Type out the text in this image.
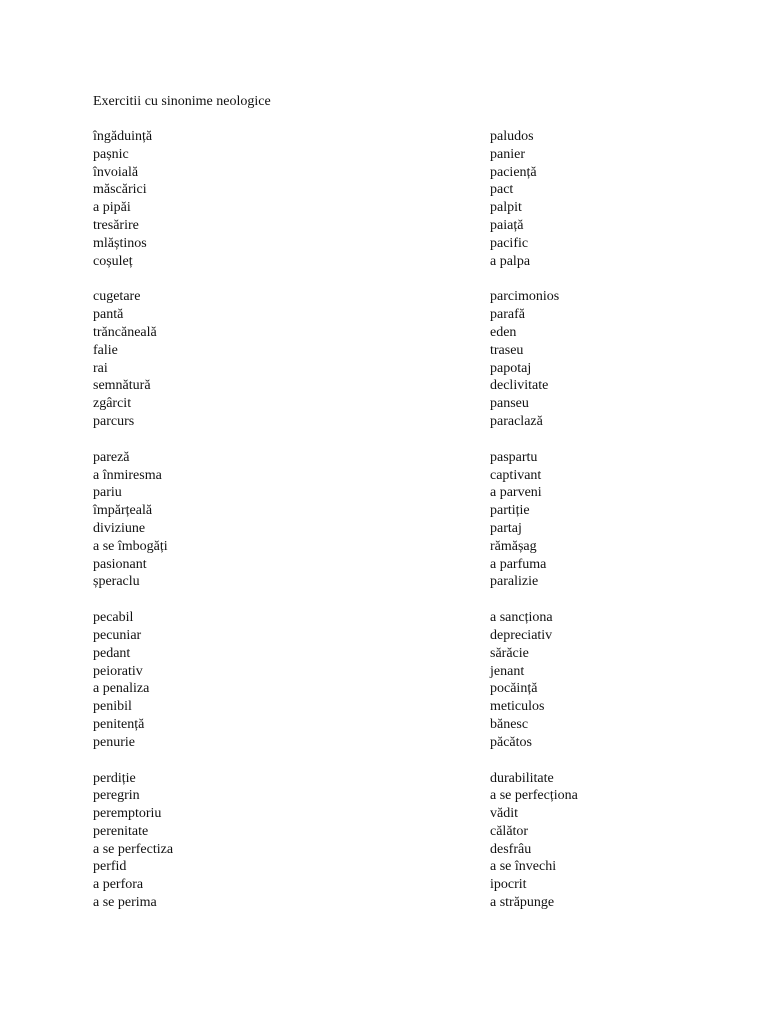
Exercitii cu sinonime neologice
îngăduință
pașnic
învoială
măscărici
a pipăi
tresărire
mlăștinos
coșuleț
cugetare
pantă
trăncăneală
falie
rai
semnătură
zgârcit
parcurs
pareză
a înmiresma
pariu
împărțeală
diviziune
a se îmbogăți
pasionant
șperaclu
pecabil
pecuniar
pedant
peiorativ
a penaliza
penibil
penitență
penurie
perdiție
peregrin
peremptoriu
perenitate
a se perfectiza
perfid
a perfora
a se perima
paludos
panier
paciență
pact
palpit
paiață
pacific
a palpa
parcimonios
parafă
eden
traseu
papotaj
declivitate
panseu
paraclază
paspartu
captivant
a parveni
partiție
partaj
rămășag
a parfuma
paralizie
a sancționa
depreciativ
sărăcie
jenant
pocăință
meticulos
bănesc
păcătos
durabilitate
a se perfecționa
vădit
călător
desfrâu
a se învechi
ipocrit
a străpunge
